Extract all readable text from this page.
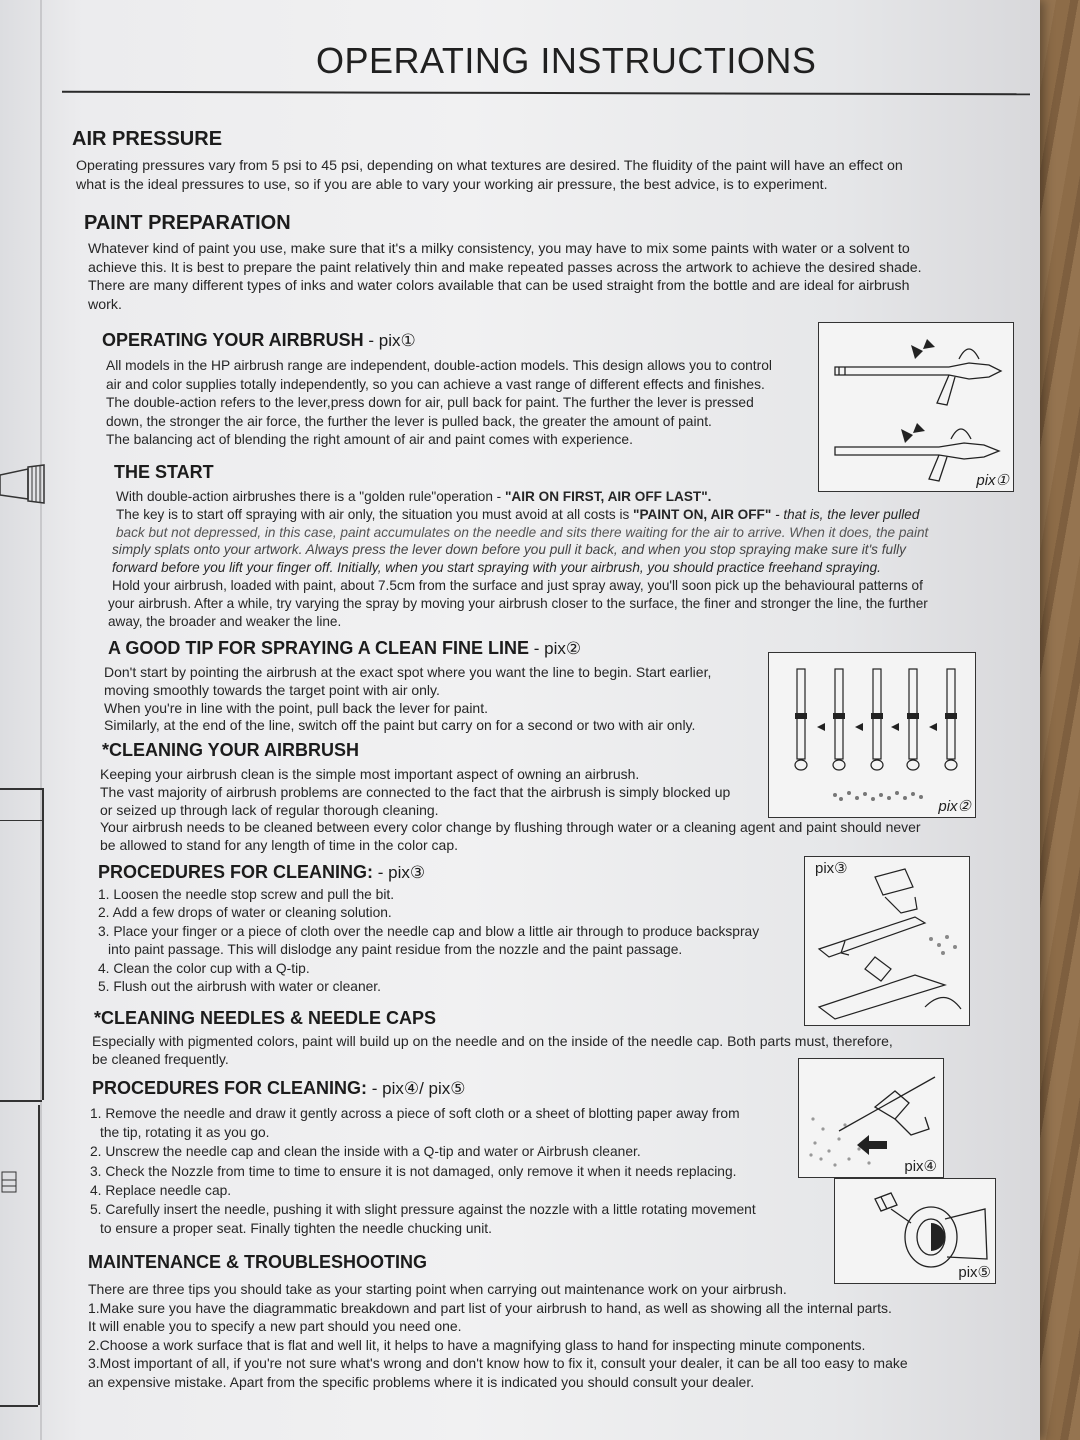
OPERATING INSTRUCTIONS
AIR PRESSURE
Operating pressures vary from 5 psi to 45 psi, depending on what textures are desired. The fluidity of the paint will have an effect on
what is the ideal pressures to use, so if you are able to vary your working air pressure, the best advice, is to experiment.
PAINT PREPARATION
Whatever kind of paint you use, make sure that it's a milky consistency, you may have to mix some paints with water or a solvent to
achieve this. It is best to prepare the paint relatively thin and make repeated passes across the artwork to achieve the desired shade.
There are many different types of inks and water colors available that can be used straight from the bottle and are ideal for airbrush
work.
OPERATING YOUR AIRBRUSH - pix①
All models in the HP airbrush range are independent, double-action models. This design allows you to control
air and color supplies totally independently, so you can achieve a vast range of different effects and finishes.
The double-action refers to the lever,press down for air, pull back for paint. The further the lever is pressed
down, the stronger the air force, the further the lever is pulled back, the greater the amount of paint.
The balancing act of blending the right amount of air and paint comes with experience.
pix①
THE START
With double-action airbrushes there is a "golden rule"operation - "AIR ON FIRST, AIR OFF LAST".
The key is to start off spraying with air only, the situation you must avoid at all costs is "PAINT ON, AIR OFF" - that is, the lever pulled
back but not depressed, in this case, paint accumulates on the needle and sits there waiting for the air to arrive. When it does, the paint
simply splats onto your artwork. Always press the lever down before you pull it back, and when you stop spraying make sure it's fully
forward before you lift your finger off. Initially, when you start spraying with your airbrush, you should practice freehand spraying.
Hold your airbrush, loaded with paint, about 7.5cm from the surface and just spray away, you'll soon pick up the behavioural patterns of
your airbrush. After a while, try varying the spray by moving your airbrush closer to the surface, the finer and stronger the line, the further
away, the broader and weaker the line.
A GOOD TIP FOR SPRAYING A CLEAN FINE LINE - pix②
Don't start by pointing the airbrush at the exact spot where you want the line to begin. Start earlier,
moving smoothly towards the target point with air only.
When you're in line with the point, pull back the lever for paint.
Similarly, at the end of the line, switch off the paint but carry on for a second or two with air only.
pix②
*CLEANING YOUR AIRBRUSH
Keeping your airbrush clean is the simple most important aspect of owning an airbrush.
The vast majority of airbrush problems are connected to the fact that the airbrush is simply blocked up
or seized up through lack of regular thorough cleaning.
Your airbrush needs to be cleaned between every color change by flushing through water or a cleaning agent and paint should never
be allowed to stand for any length of time in the color cap.
PROCEDURES FOR CLEANING: - pix③
1. Loosen the needle stop screw and pull the bit.
2. Add a few drops of water or cleaning solution.
3. Place your finger or a piece of cloth over the needle cap and blow a little air through to produce backspray
into paint passage. This will dislodge any paint residue from the nozzle and the paint passage.
4. Clean the color cup with a Q-tip.
5. Flush out the airbrush with water or cleaner.
pix③
*CLEANING NEEDLES & NEEDLE CAPS
Especially with pigmented colors, paint will build up on the needle and on the inside of the needle cap. Both parts must, therefore,
be cleaned frequently.
PROCEDURES FOR CLEANING: - pix④/ pix⑤
1. Remove the needle and draw it gently across a piece of soft cloth or a sheet of blotting paper away from
the tip, rotating it as you go.
2. Unscrew the needle cap and clean the inside with a Q-tip and water or Airbrush cleaner.
3. Check the Nozzle from time to time to ensure it is not damaged, only remove it when it needs replacing.
4. Replace needle cap.
5. Carefully insert the needle, pushing it with slight pressure against the nozzle with a little rotating movement
to ensure a proper seat. Finally tighten the needle chucking unit.
pix④
pix⑤
MAINTENANCE & TROUBLESHOOTING
There are three tips you should take as your starting point when carrying out maintenance work on your airbrush.
1.Make sure you have the diagrammatic breakdown and part list of your airbrush to hand, as well as showing all the internal parts.
It will enable you to specify a new part should you need one.
2.Choose a work surface that is flat and well lit, it helps to have a magnifying glass to hand for inspecting minute components.
3.Most important of all, if you're not sure what's wrong and don't know how to fix it, consult your dealer, it can be all too easy to make
an expensive mistake. Apart from the specific problems where it is indicated you should consult your dealer.
